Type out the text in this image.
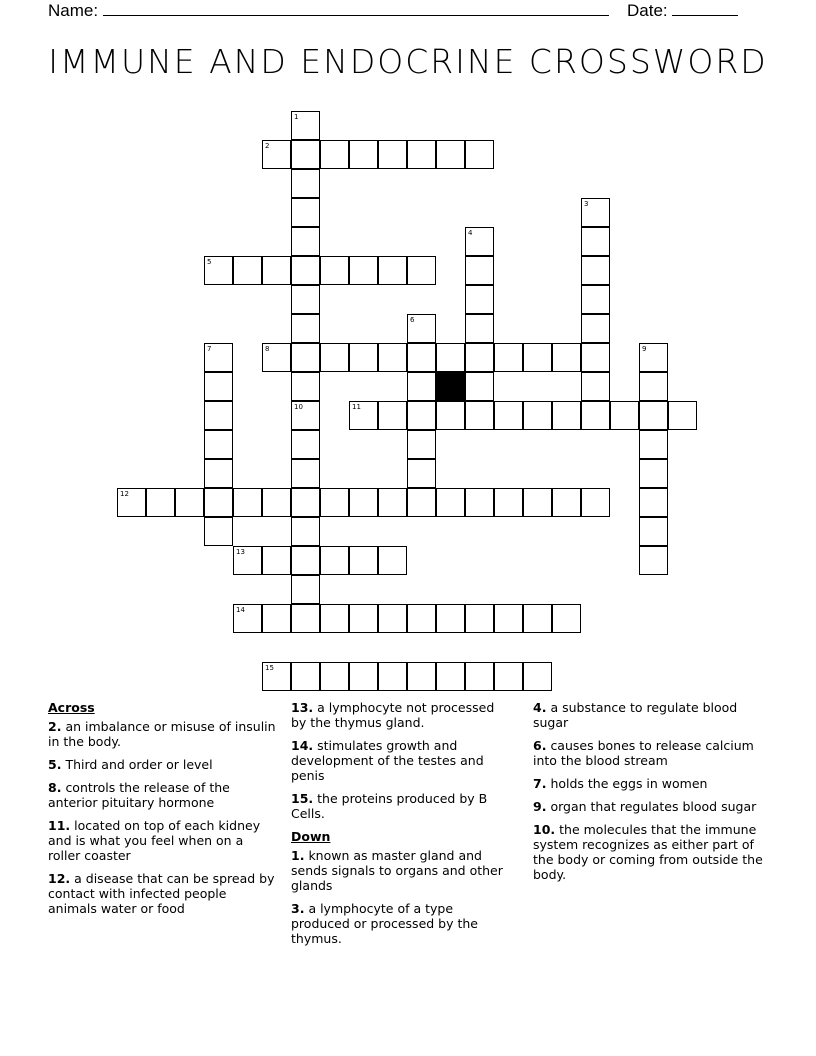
Name:	Date:
IMMUNE AND ENDOCRINE CROSSWORD
2
5
8
11
12
13
14
15
1
10
3
4
6
7	9
Across
2. an imbalance or misuse of insulin in the body.
5. Third and order or level
8. controls the release of the anterior pituitary hormone
11. located on top of each kidney and is what you feel when on a roller coaster
12. a disease that can be spread by contact with infected people animals water or food
13. a lymphocyte not processed by the thymus gland.
14. stimulates growth and development of the testes and penis
15. the proteins produced by B Cells.
Down
1. known as master gland and sends signals to organs and other glands
3. a lymphocyte of a type produced or processed by the thymus.
4. a substance to regulate blood sugar
6. causes bones to release calcium into the blood stream
7. holds the eggs in women
9. organ that regulates blood sugar
10. the molecules that the immune system recognizes as either part of the body or coming from outside the body.
